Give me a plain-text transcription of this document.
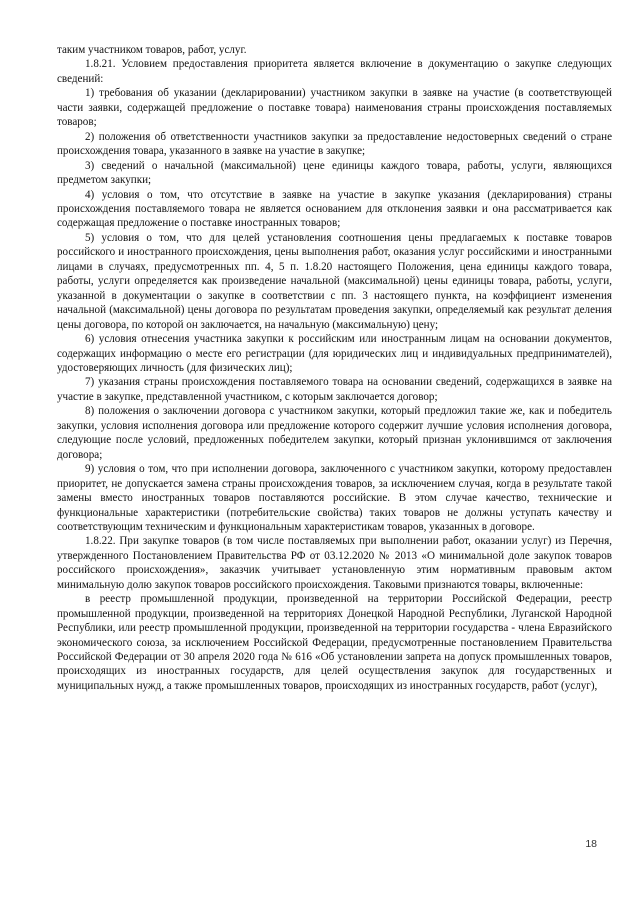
таким участником товаров, работ, услуг.

1.8.21. Условием предоставления приоритета является включение в документацию о закупке следующих сведений:

1) требования об указании (декларировании) участником закупки в заявке на участие (в соответствующей части заявки, содержащей предложение о поставке товара) наименования страны происхождения поставляемых товаров;

2) положения об ответственности участников закупки за предоставление недостоверных сведений о стране происхождения товара, указанного в заявке на участие в закупке;

3) сведений о начальной (максимальной) цене единицы каждого товара, работы, услуги, являющихся предметом закупки;

4) условия о том, что отсутствие в заявке на участие в закупке указания (декларирования) страны происхождения поставляемого товара не является основанием для отклонения заявки и она рассматривается как содержащая предложение о поставке иностранных товаров;

5) условия о том, что для целей установления соотношения цены предлагаемых к поставке товаров российского и иностранного происхождения, цены выполнения работ, оказания услуг российскими и иностранными лицами в случаях, предусмотренных пп. 4, 5 п. 1.8.20 настоящего Положения, цена единицы каждого товара, работы, услуги определяется как произведение начальной (максимальной) цены единицы товара, работы, услуги, указанной в документации о закупке в соответствии с пп. 3 настоящего пункта, на коэффициент изменения начальной (максимальной) цены договора по результатам проведения закупки, определяемый как результат деления цены договора, по которой он заключается, на начальную (максимальную) цену;

6) условия отнесения участника закупки к российским или иностранным лицам на основании документов, содержащих информацию о месте его регистрации (для юридических лиц и индивидуальных предпринимателей), удостоверяющих личность (для физических лиц);

7) указания страны происхождения поставляемого товара на основании сведений, содержащихся в заявке на участие в закупке, представленной участником, с которым заключается договор;

8) положения о заключении договора с участником закупки, который предложил такие же, как и победитель закупки, условия исполнения договора или предложение которого содержит лучшие условия исполнения договора, следующие после условий, предложенных победителем закупки, который признан уклонившимся от заключения договора;

9) условия о том, что при исполнении договора, заключенного с участником закупки, которому предоставлен приоритет, не допускается замена страны происхождения товаров, за исключением случая, когда в результате такой замены вместо иностранных товаров поставляются российские. В этом случае качество, технические и функциональные характеристики (потребительские свойства) таких товаров не должны уступать качеству и соответствующим техническим и функциональным характеристикам товаров, указанных в договоре.

1.8.22. При закупке товаров (в том числе поставляемых при выполнении работ, оказании услуг) из Перечня, утвержденного Постановлением Правительства РФ от 03.12.2020 № 2013 «О минимальной доле закупок товаров российского происхождения», заказчик учитывает установленную этим нормативным правовым актом минимальную долю закупок товаров российского происхождения. Таковыми признаются товары, включенные:

в реестр промышленной продукции, произведенной на территории Российской Федерации, реестр промышленной продукции, произведенной на территориях Донецкой Народной Республики, Луганской Народной Республики, или реестр промышленной продукции, произведенной на территории государства - члена Евразийского экономического союза, за исключением Российской Федерации, предусмотренные постановлением Правительства Российской Федерации от 30 апреля 2020 года № 616 «Об установлении запрета на допуск промышленных товаров, происходящих из иностранных государств, для целей осуществления закупок для государственных и муниципальных нужд, а также промышленных товаров, происходящих из иностранных государств, работ (услуг),

18
